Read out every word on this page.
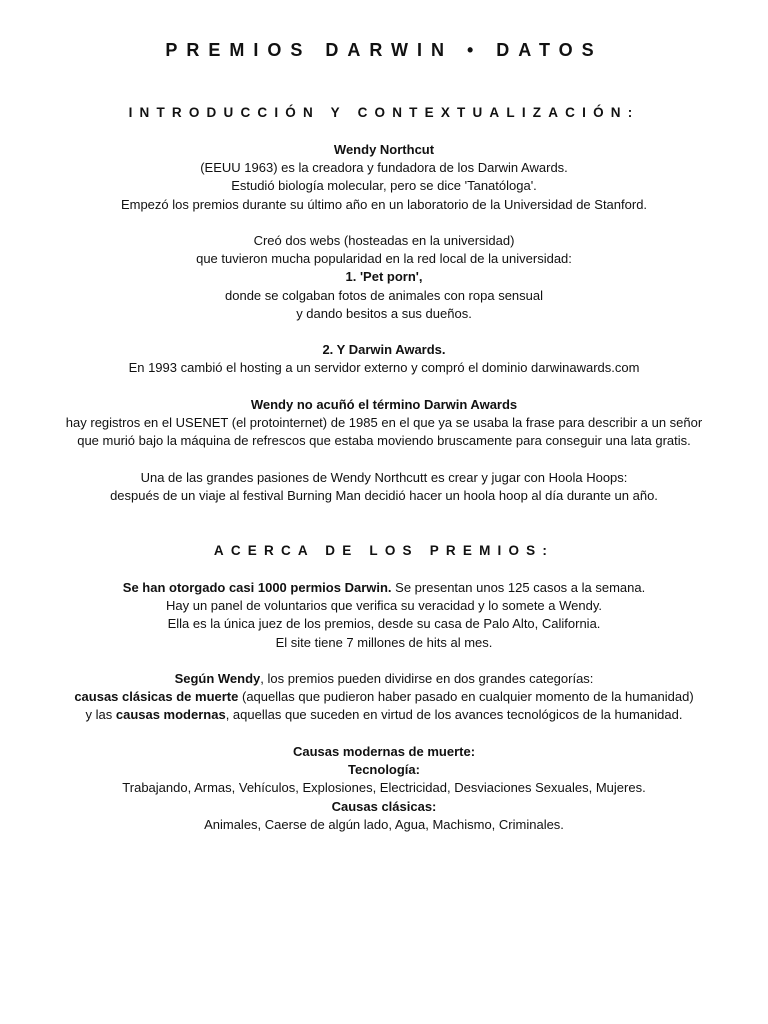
PREMIOS DARWIN • DATOS
INTRODUCCIÓN Y CONTEXTUALIZACIÓN:

Wendy Northcut

(EEUU 1963) es la creadora y fundadora de los Darwin Awards.

Estudió biología molecular, pero se dice 'Tanatóloga'.

Empezó los premios durante su último año en un laboratorio de la Universidad de Stanford.

Creó dos webs (hosteadas en la universidad)

que tuvieron mucha popularidad en la red local de la universidad:

1. 'Pet porn',

donde se colgaban fotos de animales con ropa sensual

y dando besitos a sus dueños.

2. Y Darwin Awards.

En 1993 cambió el hosting a un servidor externo y compró el dominio darwinawards.com

Wendy no acuñó el término Darwin Awards

hay registros en el USENET (el protointernet) de 1985 en el que ya se usaba la frase para describir a un señor

que murió bajo la máquina de refrescos que estaba moviendo bruscamente para conseguir una lata gratis.

Una de las grandes pasiones de Wendy Northcutt es crear y jugar con Hoola Hoops:

después de un viaje al festival Burning Man decidió hacer un hoola hoop al día durante un año.

ACERCA DE LOS PREMIOS:

Se han otorgado casi 1000 permios Darwin. Se presentan unos 125 casos a la semana.

Hay un panel de voluntarios que verifica su veracidad y lo somete a Wendy.

Ella es la única juez de los premios, desde su casa de Palo Alto, California.

El site tiene 7 millones de hits al mes.

Según Wendy, los premios pueden dividirse en dos grandes categorías:

causas clásicas de muerte (aquellas que pudieron haber pasado en cualquier momento de la humanidad)

y las causas modernas, aquellas que suceden en virtud de los avances tecnológicos de la humanidad.

Causas modernas de muerte:

Tecnología:

Trabajando, Armas, Vehículos, Explosiones, Electricidad, Desviaciones Sexuales, Mujeres.

Causas clásicas:

Animales, Caerse de algún lado, Agua, Machismo, Criminales.
